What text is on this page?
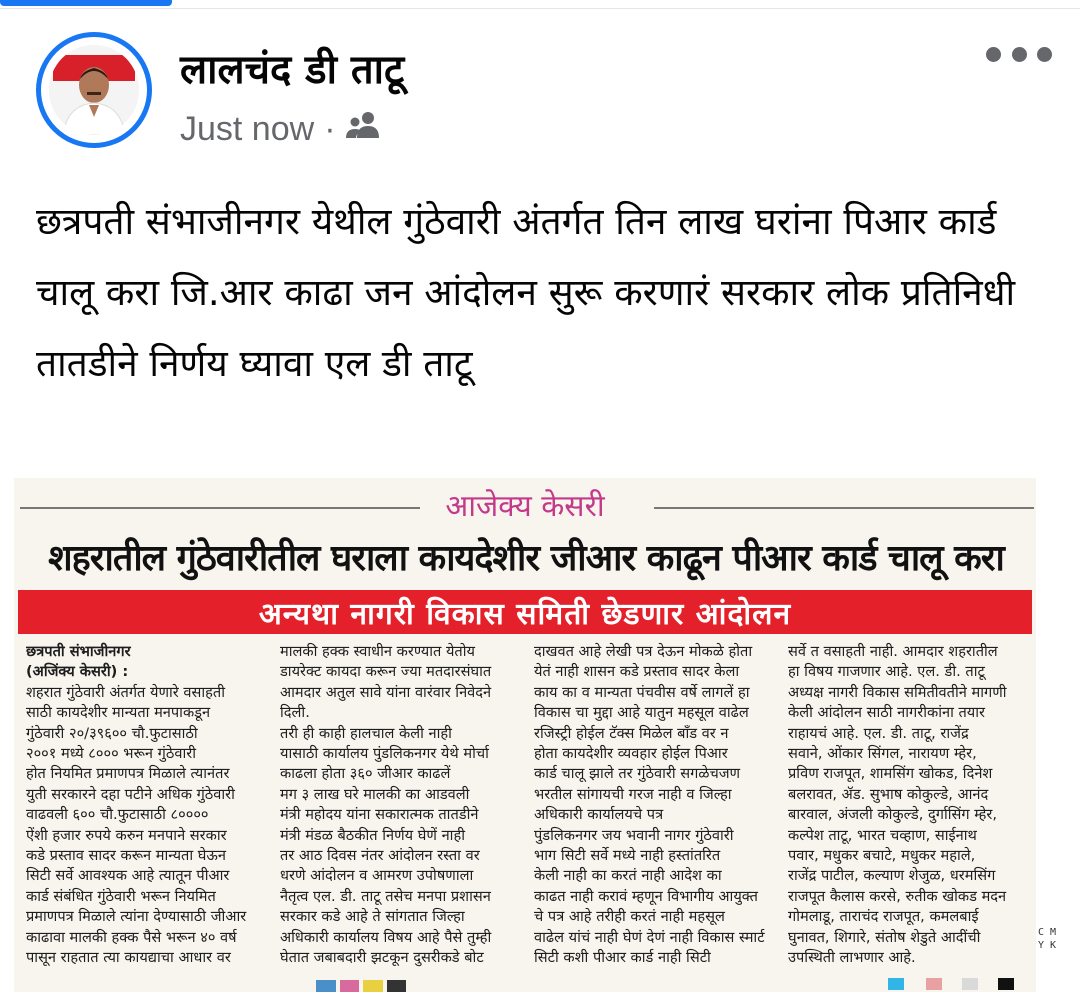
लालचंद डी ताटू
Just now ·
छत्रपती संभाजीनगर येथील गुंठेवारी अंतर्गत तिन लाख घरांना पिआर कार्ड चालू करा जि.आर काढा जन आंदोलन सुरू करणारं सरकार लोक प्रतिनिधी तातडीने निर्णय घ्यावा एल डी ताटू
आजेक्य केसरी
शहरातील गुंठेवारीतील घराला कायदेशीर जीआर काढून पीआर कार्ड चालू करा
अन्यथा नागरी विकास समिती छेडणार आंदोलन

छत्रपती संभाजीनगर

(अजिंक्य केसरी) :

शहरात गुंठेवारी अंतर्गत येणारे वसाहती

साठी कायदेशीर मान्यता मनपाकडून

गुंठेवारी २०/३९६०० चौ.फुटासाठी

२००१ मध्ये ८००० भरून गुंठेवारी

होत नियमित प्रमाणपत्र मिळाले त्यानंतर

युती सरकारने दहा पटीने अधिक गुंठेवारी

वाढवली ६०० चौ.फुटासाठी ८००००

ऐंशी हजार रुपये करुन मनपाने सरकार

कडे प्रस्ताव सादर करून मान्यता घेऊन

सिटी सर्वे आवश्यक आहे त्यातून पीआर

कार्ड संबंधित गुंठेवारी भरून नियमित

प्रमाणपत्र मिळाले त्यांना देण्यासाठी जीआर

काढावा मालकी हक्क पैसे भरून ४० वर्ष

पासून राहतात त्या कायद्याचा आधार वर

मालकी हक्क स्वाधीन करण्यात येतोय

डायरेक्ट कायदा करून ज्या मतदारसंघात

आमदार अतुल सावे यांना वारंवार निवेदने

दिली.

तरी ही काही हालचाल केली नाही

यासाठी कार्यालय पुंडलिकनगर येथे मोर्चा

काढला होता ३६० जीआर काढलें

मग ३ लाख घरे मालकी का आडवली

मंत्री महोदय यांना सकारात्मक तातडीने

मंत्री मंडळ बैठकीत निर्णय घेणें नाही

तर आठ दिवस नंतर आंदोलन रस्ता वर

धरणे आंदोलन व आमरण उपोषणाला

नैतृत्व एल. डी. ताटू तसेच मनपा प्रशासन

सरकार कडे आहे ते सांगतात जिल्हा

अधिकारी कार्यालय विषय आहे पैसे तुम्ही

घेतात जबाबदारी झटकून दुसरीकडे बोट

दाखवत आहे लेखी पत्र देऊन मोकळे होता

येतं नाही शासन कडे प्रस्ताव सादर केला

काय का व मान्यता पंचवीस वर्षे लागलें हा

विकास चा मुद्दा आहे यातुन महसूल वाढेल

रजिस्ट्री होईल टॅक्स मिळेल बॉंड वर न

होता कायदेशीर व्यवहार होईल पिआर

कार्ड चालू झाले तर गुंठेवारी सगळेचजण

भरतील सांगायची गरज नाही व जिल्हा

अधिकारी कार्यालयचे पत्र

पुंडलिकनगर जय भवानी नागर गुंठेवारी

भाग सिटी सर्वे मध्ये नाही हस्तांतरित

केली नाही का करतं नाही आदेश का

काढत नाही करावं म्हणून विभागीय आयुक्त

चे पत्र आहे तरीही करतं नाही महसूल

वाढेल यांचं नाही घेणं देणं नाही विकास स्मार्ट

सिटी कशी पीआर कार्ड नाही सिटी

सर्वे त वसाहती नाही. आमदार शहरातील

हा विषय गाजणार आहे. एल. डी. ताटू

अध्यक्ष नागरी विकास समितीवतीने मागणी

केली आंदोलन साठी नागरीकांना तयार

राहायचं आहे. एल. डी. ताटू, राजेंद्र

सवाने, ओंकार सिंगल, नारायण म्हेर,

प्रविण राजपूत, शामसिंग खोकड, दिनेश

बलरावत, ॲड. सुभाष कोकुल्डे, आनंद

बारवाल, अंजली कोकुल्डे, दुर्गासिंग म्हेर,

कल्पेश ताटू, भारत चव्हाण, साईनाथ

पवार, मधुकर बचाटे, मधुकर महाले,

राजेंद्र पाटील, कल्याण शेजुळ, धरमसिंग

राजपूत कैलास करसे, रुतीक खोकड मदन

गोमलाडू, ताराचंद राजपूत, कमलबाई

घुनावत, शिगारे, संतोष शेडुते आदींची

उपस्थिती लाभणार आहे.

C M
Y K
